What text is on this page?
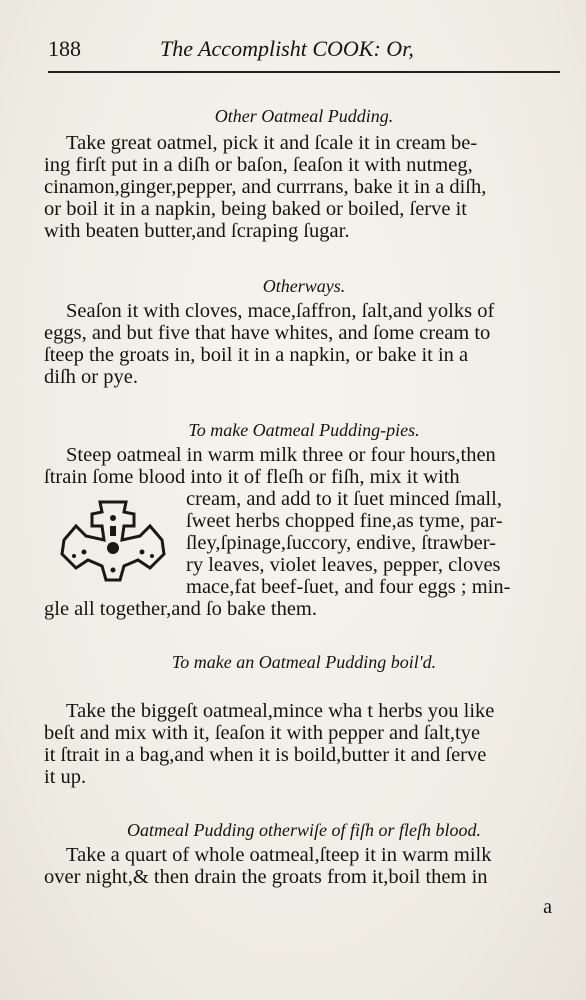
188	The Accomplisht COOK: Or,
Other Oatmeal Pudding.
Take great oatmel, pick it and ſcale it in cream be-
ing firſt put in a diſh or baſon, ſeaſon it with nutmeg,
cinamon,ginger,pepper, and currrans, bake it in a diſh,
or boil it in a napkin, being baked or boiled, ſerve it
with beaten butter,and ſcraping ſugar.
Otherways.
Seaſon it with cloves, mace,ſaffron, ſalt,and yolks of
eggs, and but five that have whites, and ſome cream to
ſteep the groats in, boil it in a napkin, or bake it in a
diſh or pye.
To make Oatmeal Pudding-pies.
Steep oatmeal in warm milk three or four hours,then
ſtrain ſome blood into it of fleſh or fiſh, mix it with
cream, and add to it ſuet minced ſmall,
ſweet herbs chopped fine,as tyme, par-
ſley,ſpinage,ſuccory, endive, ſtrawber-
ry leaves, violet leaves, pepper, cloves
mace,fat beef-ſuet, and four eggs ; min-
gle all together,and ſo bake them.
To make an Oatmeal Pudding boil'd.
Take the biggeſt oatmeal,mince wha t herbs you like
beſt and mix with it, ſeaſon it with pepper and ſalt,tye
it ſtrait in a bag,and when it is boild,butter it and ſerve
it up.
Oatmeal Pudding otherwiſe of fiſh or fleſh blood.
Take a quart of whole oatmeal,ſteep it in warm milk
over night,& then drain the groats from it,boil them in
a
